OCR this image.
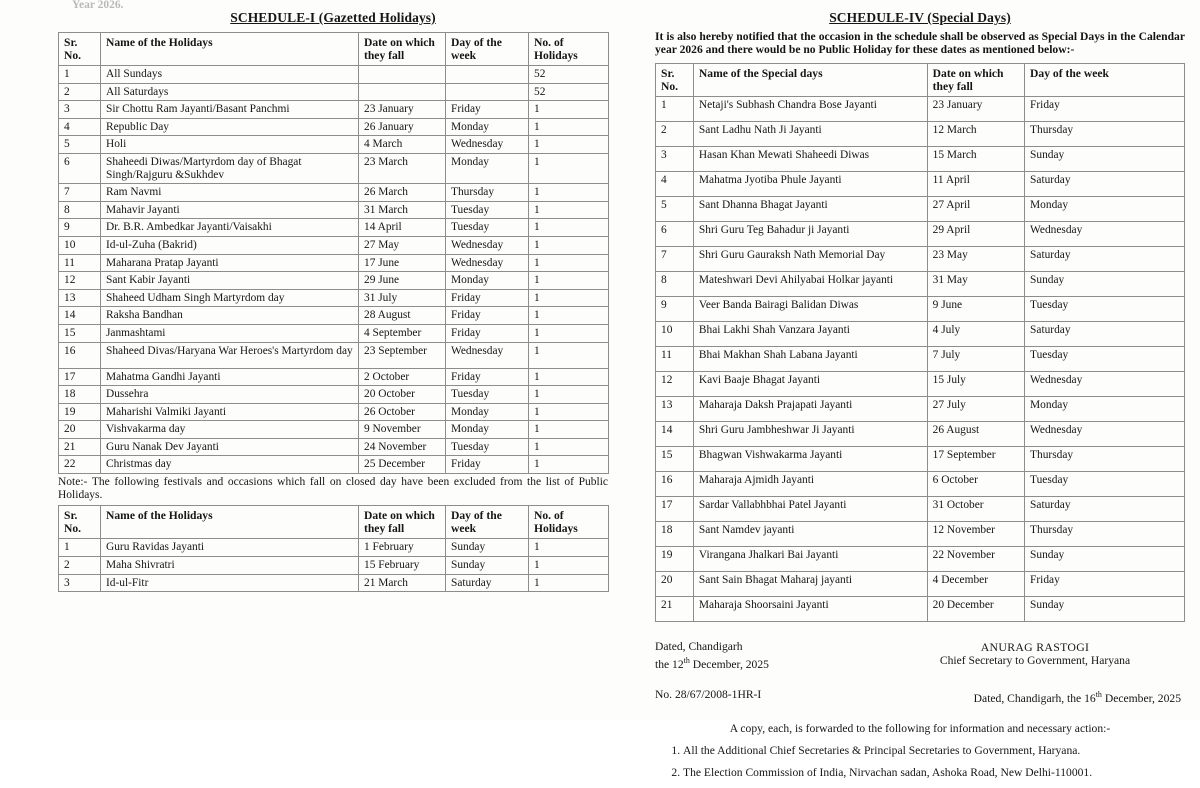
Year 2026.
SCHEDULE-I (Gazetted Holidays)
Sr. No.	Name of the Holidays	Date on which they fall	Day of the week	No. of Holidays
1	All Sundays			52
2	All Saturdays			52
3	Sir Chottu Ram Jayanti/Basant Panchmi	23 January	Friday	1
4	Republic Day	26 January	Monday	1
5	Holi	4 March	Wednesday	1
6	Shaheedi Diwas/Martyrdom day of Bhagat Singh/Rajguru &Sukhdev	23 March	Monday	1
7	Ram Navmi	26 March	Thursday	1
8	Mahavir Jayanti	31 March	Tuesday	1
9	Dr. B.R. Ambedkar Jayanti/Vaisakhi	14 April	Tuesday	1
10	Id-ul-Zuha (Bakrid)	27 May	Wednesday	1
11	Maharana Pratap Jayanti	17 June	Wednesday	1
12	Sant Kabir Jayanti	29 June	Monday	1
13	Shaheed Udham Singh Martyrdom day	31 July	Friday	1
14	Raksha Bandhan	28 August	Friday	1
15	Janmashtami	4 September	Friday	1
16	Shaheed Divas/Haryana War Heroes's Martyrdom day	23 September	Wednesday	1
17	Mahatma Gandhi Jayanti	2 October	Friday	1
18	Dussehra	20 October	Tuesday	1
19	Maharishi Valmiki Jayanti	26 October	Monday	1
20	Vishvakarma day	9 November	Monday	1
21	Guru Nanak Dev Jayanti	24 November	Tuesday	1
22	Christmas day	25 December	Friday	1
Note:- The following festivals and occasions which fall on closed day have been excluded from the list of Public Holidays.
Sr. No.	Name of the Holidays	Date on which they fall	Day of the week	No. of Holidays
1	Guru Ravidas Jayanti	1 February	Sunday	1
2	Maha Shivratri	15 February	Sunday	1
3	Id-ul-Fitr	21 March	Saturday	1

SCHEDULE-IV (Special Days)
It is also hereby notified that the occasion in the schedule shall be observed as Special Days in the Calendar year 2026 and there would be no Public Holiday for these dates as mentioned below:-
Sr. No.	Name of the Special days	Date on which they fall	Day of the week
1	Netaji's Subhash Chandra Bose Jayanti	23 January	Friday
2	Sant Ladhu Nath Ji Jayanti	12 March	Thursday
3	Hasan Khan Mewati Shaheedi Diwas	15 March	Sunday
4	Mahatma Jyotiba Phule Jayanti	11 April	Saturday
5	Sant Dhanna Bhagat Jayanti	27 April	Monday
6	Shri Guru Teg Bahadur ji Jayanti	29 April	Wednesday
7	Shri Guru Gauraksh Nath Memorial Day	23 May	Saturday
8	Mateshwari Devi Ahilyabai Holkar jayanti	31 May	Sunday
9	Veer Banda Bairagi Balidan Diwas	9 June	Tuesday
10	Bhai Lakhi Shah Vanzara Jayanti	4 July	Saturday
11	Bhai Makhan Shah Labana Jayanti	7 July	Tuesday
12	Kavi Baaje Bhagat Jayanti	15 July	Wednesday
13	Maharaja Daksh Prajapati Jayanti	27 July	Monday
14	Shri Guru Jambheshwar Ji Jayanti	26 August	Wednesday
15	Bhagwan Vishwakarma Jayanti	17 September	Thursday
16	Maharaja Ajmidh Jayanti	6 October	Tuesday
17	Sardar Vallabhbhai Patel Jayanti	31 October	Saturday
18	Sant Namdev jayanti	12 November	Thursday
19	Virangana Jhalkari Bai Jayanti	22 November	Sunday
20	Sant Sain Bhagat Maharaj jayanti	4 December	Friday
21	Maharaja Shoorsaini Jayanti	20 December	Sunday
Dated, Chandigarh
the 12th December, 2025
ANURAG RASTOGI
Chief Secretary to Government, Haryana
No. 28/67/2008-1HR-I	Dated, Chandigarh, the 16th December, 2025
A copy, each, is forwarded to the following for information and necessary action:-
1. All the Additional Chief Secretaries & Principal Secretaries to Government, Haryana.
2. The Election Commission of India, Nirvachan sadan, Ashoka Road, New Delhi-110001.
